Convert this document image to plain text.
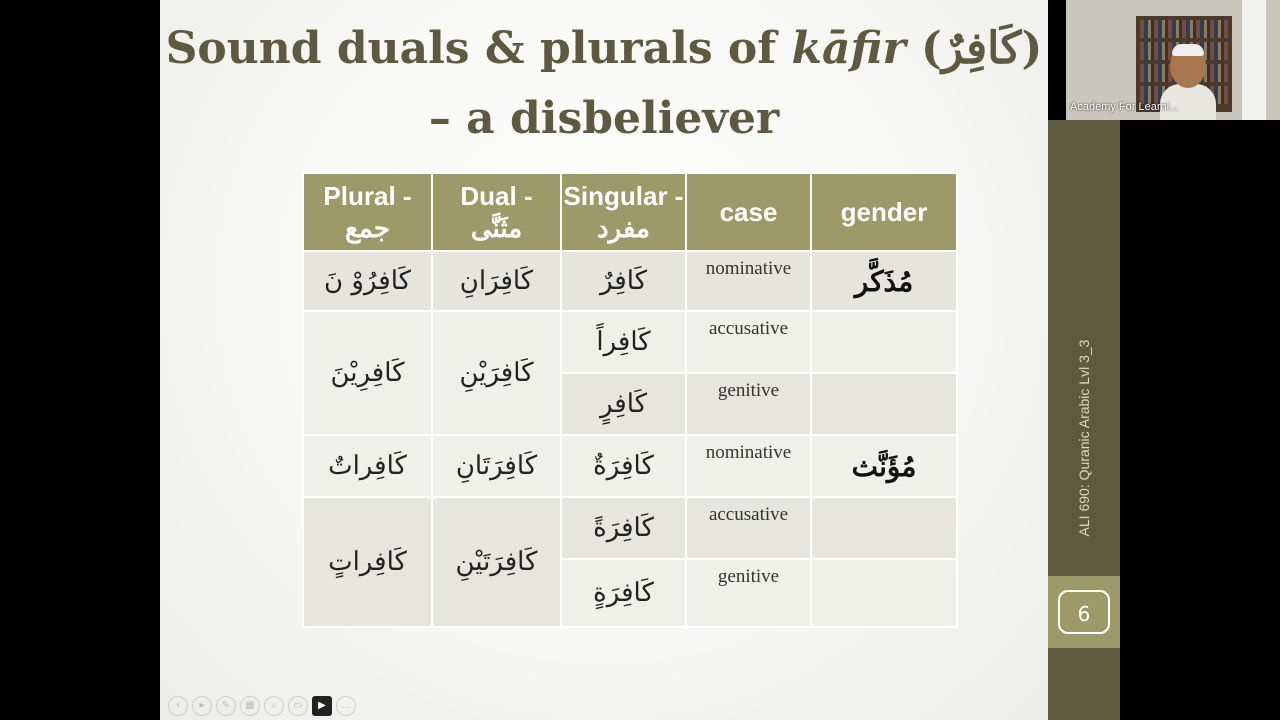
Sound duals & plurals of kāfir (كَافِرٌ)

– a disbeliever

Plural - جمع	Dual - مثَنَّى	Singular - مفرد	case	gender
كَافِرُوْ نَ	كَافِرَانِ	كَافِرٌ	nominative	مُذَكَّر
كَافِرِيْنَ	كَافِرَيْنِ	كَافِراً	accusative	
		كَافِرٍ	genitive	
كَافِراتٌ	كَافِرَتَانِ	كَافِرَةٌ	nominative	مُؤَنَّث
كَافِراتٍ	كَافِرَتَيْنِ	كَافِرَةً	accusative	
		كَافِرَةٍ	genitive	
‹	▸	✎	▦	⌕	▭	▶	…
ALI 690: Quranic Arabic Lvl 3_3
6
Academy For Learni...
